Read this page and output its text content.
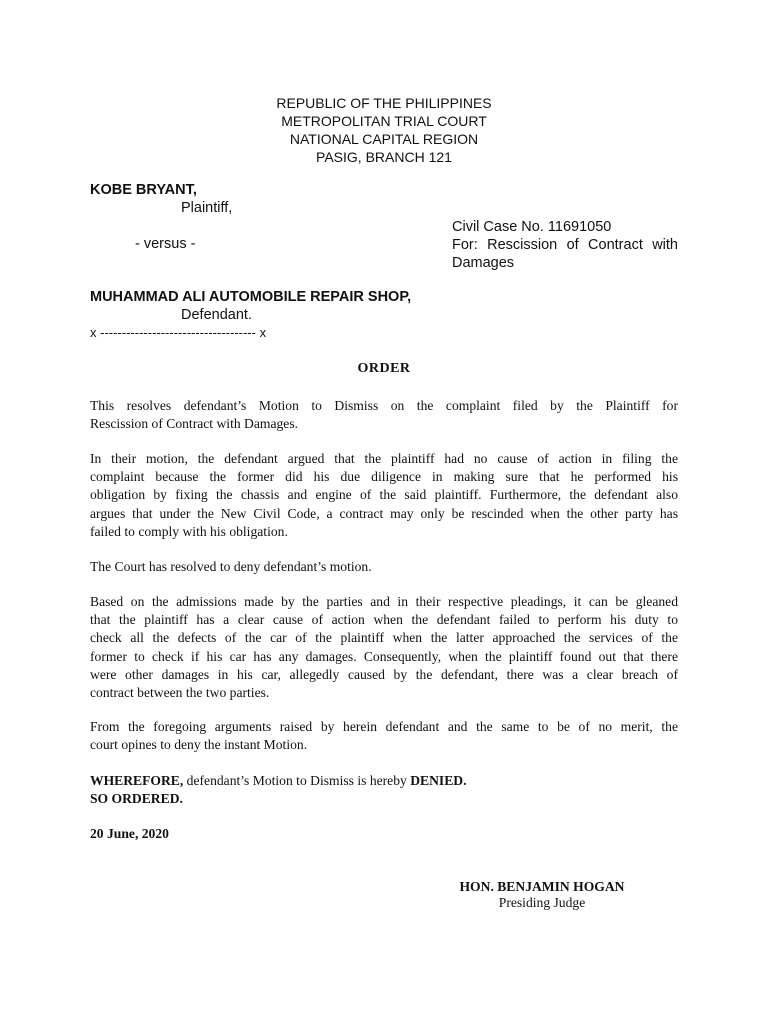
REPUBLIC OF THE PHILIPPINES
METROPOLITAN TRIAL COURT
NATIONAL CAPITAL REGION
PASIG, BRANCH 121
KOBE BRYANT,
Plaintiff,
Civil Case No. 11691050
For: Rescission of Contract with
Damages
- versus -
MUHAMMAD ALI AUTOMOBILE REPAIR SHOP,
Defendant.
x ------------------------------------ x
ORDER
This resolves defendant’s Motion to Dismiss on the complaint filed by the Plaintiff for
Rescission of Contract with Damages.
In their motion, the defendant argued that the plaintiff had no cause of action in filing the
complaint because the former did his due diligence in making sure that he performed his
obligation by fixing the chassis and engine of the said plaintiff. Furthermore, the defendant also
argues that under the New Civil Code, a contract may only be rescinded when the other party has
failed to comply with his obligation.
The Court has resolved to deny defendant’s motion.
Based on the admissions made by the parties and in their respective pleadings, it can be gleaned
that the plaintiff has a clear cause of action when the defendant failed to perform his duty to
check all the defects of the car of the plaintiff when the latter approached the services of the
former to check if his car has any damages. Consequently, when the plaintiff found out that there
were other damages in his car, allegedly caused by the defendant, there was a clear breach of
contract between the two parties.
From the foregoing arguments raised by herein defendant and the same to be of no merit, the
court opines to deny the instant Motion.
WHEREFORE, defendant’s Motion to Dismiss is hereby DENIED.
SO ORDERED.
20 June, 2020
HON. BENJAMIN HOGAN
Presiding Judge
